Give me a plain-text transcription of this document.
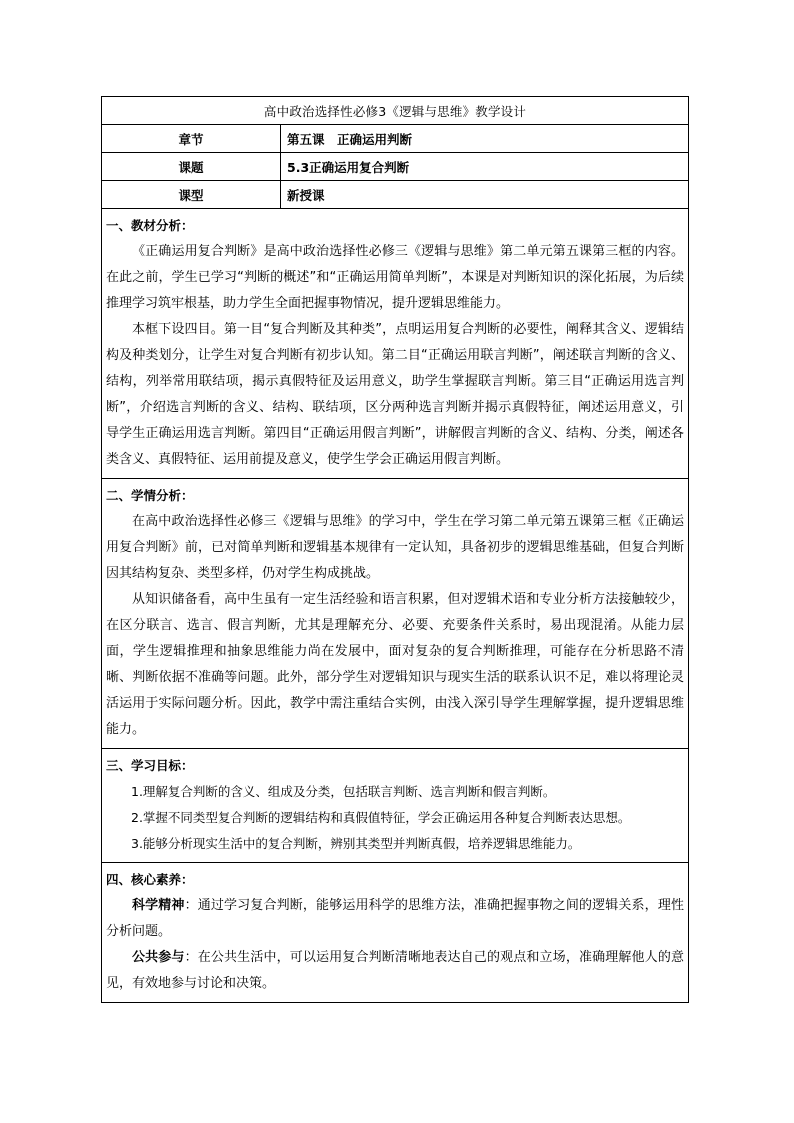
高中政治选择性必修3《逻辑与思维》教学设计	
章节	第五课　正确运用判断
课题	5.3正确运用复合判断
课型	新授课

一、教材分析：

《正确运用复合判断》是高中政治选择性必修三《逻辑与思维》第二单元第五课第三框的内容。在此之前，学生已学习“判断的概述”和“正确运用简单判断”，本课是对判断知识的深化拓展，为后续推理学习筑牢根基，助力学生全面把握事物情况，提升逻辑思维能力。

本框下设四目。第一目“复合判断及其种类”，点明运用复合判断的必要性，阐释其含义、逻辑结构及种类划分，让学生对复合判断有初步认知。第二目“正确运用联言判断”，阐述联言判断的含义、结构，列举常用联结项，揭示真假特征及运用意义，助学生掌握联言判断。第三目“正确运用选言判断”，介绍选言判断的含义、结构、联结项，区分两种选言判断并揭示真假特征，阐述运用意义，引导学生正确运用选言判断。第四目“正确运用假言判断”，讲解假言判断的含义、结构、分类，阐述各类含义、真假特征、运用前提及意义，使学生学会正确运用假言判断。	

二、学情分析：

在高中政治选择性必修三《逻辑与思维》的学习中，学生在学习第二单元第五课第三框《正确运用复合判断》前，已对简单判断和逻辑基本规律有一定认知，具备初步的逻辑思维基础，但复合判断因其结构复杂、类型多样，仍对学生构成挑战。

从知识储备看，高中生虽有一定生活经验和语言积累，但对逻辑术语和专业分析方法接触较少，在区分联言、选言、假言判断，尤其是理解充分、必要、充要条件关系时，易出现混淆。从能力层面，学生逻辑推理和抽象思维能力尚在发展中，面对复杂的复合判断推理，可能存在分析思路不清晰、判断依据不准确等问题。此外，部分学生对逻辑知识与现实生活的联系认识不足，难以将理论灵活运用于实际问题分析。因此，教学中需注重结合实例，由浅入深引导学生理解掌握，提升逻辑思维能力。	

三、学习目标：

1.理解复合判断的含义、组成及分类，包括联言判断、选言判断和假言判断。

2.掌握不同类型复合判断的逻辑结构和真假值特征，学会正确运用各种复合判断表达思想。

3.能够分析现实生活中的复合判断，辨别其类型并判断真假，培养逻辑思维能力。	

四、核心素养：

科学精神：通过学习复合判断，能够运用科学的思维方法，准确把握事物之间的逻辑关系，理性分析问题。

公共参与：在公共生活中，可以运用复合判断清晰地表达自己的观点和立场，准确理解他人的意见，有效地参与讨论和决策。	
